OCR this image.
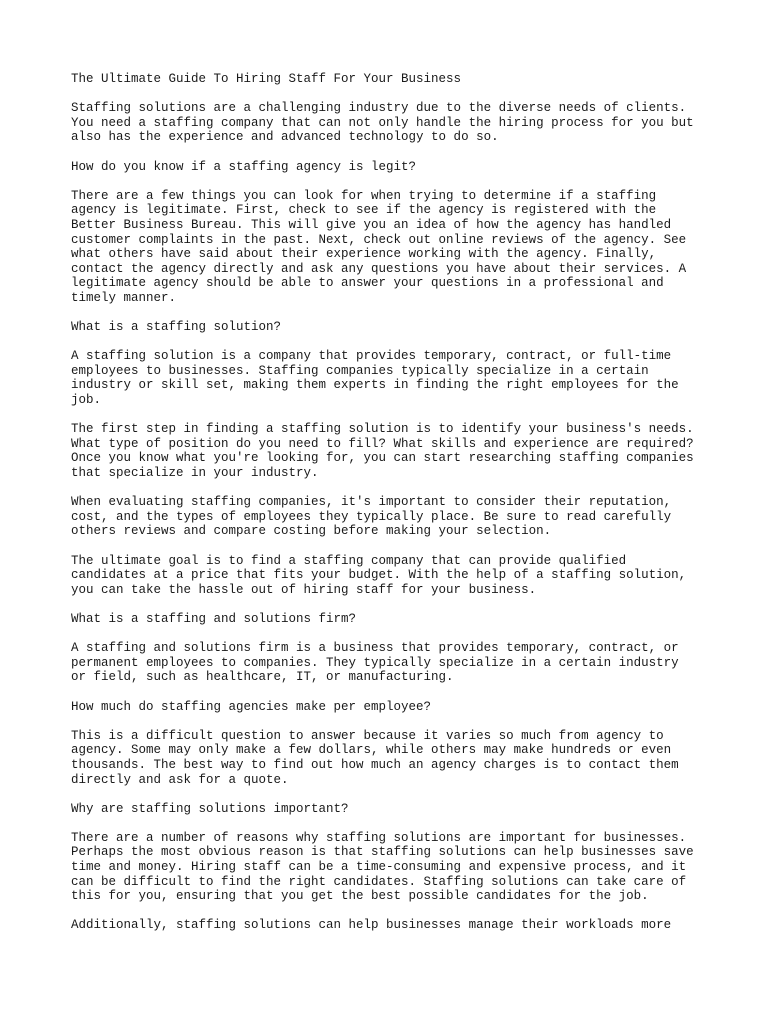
The Ultimate Guide To Hiring Staff For Your Business
Staffing solutions are a challenging industry due to the diverse needs of clients.
You need a staffing company that can not only handle the hiring process for you but
also has the experience and advanced technology to do so.
How do you know if a staffing agency is legit?
There are a few things you can look for when trying to determine if a staffing
agency is legitimate. First, check to see if the agency is registered with the
Better Business Bureau. This will give you an idea of how the agency has handled
customer complaints in the past. Next, check out online reviews of the agency. See
what others have said about their experience working with the agency. Finally,
contact the agency directly and ask any questions you have about their services. A
legitimate agency should be able to answer your questions in a professional and
timely manner.
What is a staffing solution?
A staffing solution is a company that provides temporary, contract, or full-time
employees to businesses. Staffing companies typically specialize in a certain
industry or skill set, making them experts in finding the right employees for the
job.
The first step in finding a staffing solution is to identify your business's needs.
What type of position do you need to fill? What skills and experience are required?
Once you know what you're looking for, you can start researching staffing companies
that specialize in your industry.
When evaluating staffing companies, it's important to consider their reputation,
cost, and the types of employees they typically place. Be sure to read carefully
others reviews and compare costing before making your selection.
The ultimate goal is to find a staffing company that can provide qualified
candidates at a price that fits your budget. With the help of a staffing solution,
you can take the hassle out of hiring staff for your business.
What is a staffing and solutions firm?
A staffing and solutions firm is a business that provides temporary, contract, or
permanent employees to companies. They typically specialize in a certain industry
or field, such as healthcare, IT, or manufacturing.
How much do staffing agencies make per employee?
This is a difficult question to answer because it varies so much from agency to
agency. Some may only make a few dollars, while others may make hundreds or even
thousands. The best way to find out how much an agency charges is to contact them
directly and ask for a quote.
Why are staffing solutions important?
There are a number of reasons why staffing solutions are important for businesses.
Perhaps the most obvious reason is that staffing solutions can help businesses save
time and money. Hiring staff can be a time-consuming and expensive process, and it
can be difficult to find the right candidates. Staffing solutions can take care of
this for you, ensuring that you get the best possible candidates for the job.
Additionally, staffing solutions can help businesses manage their workloads more
